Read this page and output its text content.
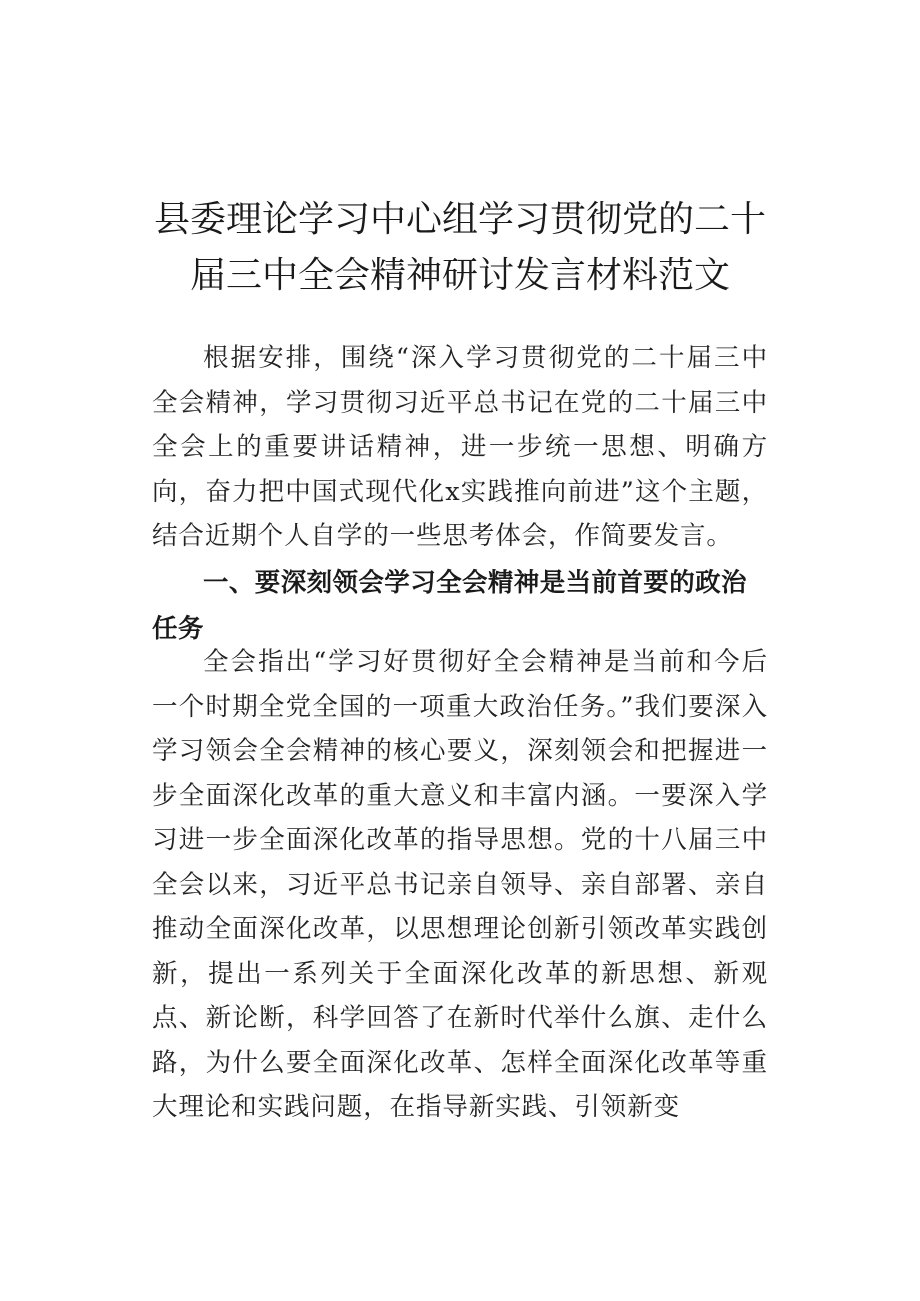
县委理论学习中心组学习贯彻党的二十
届三中全会精神研讨发言材料范文

根据安排，围绕“深入学习贯彻党的二十届三中全会精神，学习贯彻习近平总书记在党的二十届三中全会上的重要讲话精神，进一步统一思想、明确方向，奋力把中国式现代化x实践推向前进”这个主题，结合近期个人自学的一些思考体会，作简要发言。

一、要深刻领会学习全会精神是当前首要的政治任务

全会指出“学习好贯彻好全会精神是当前和今后一个时期全党全国的一项重大政治任务。”我们要深入学习领会全会精神的核心要义，深刻领会和把握进一步全面深化改革的重大意义和丰富内涵。一要深入学习进一步全面深化改革的指导思想。党的十八届三中全会以来，习近平总书记亲自领导、亲自部署、亲自推动全面深化改革，以思想理论创新引领改革实践创新，提出一系列关于全面深化改革的新思想、新观点、新论断，科学回答了在新时代举什么旗、走什么路，为什么要全面深化改革、怎样全面深化改革等重大理论和实践问题，在指导新实践、引领新变
